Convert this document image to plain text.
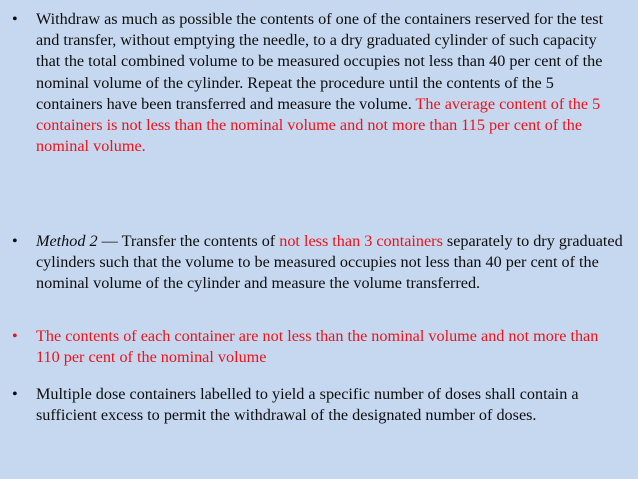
•	Withdraw as much as possible the contents of one of the containers reserved for the test and transfer, without emptying the needle, to a dry graduated cylinder of such capacity that the total combined volume to be measured occupies not less than 40 per cent of the nominal volume of the cylinder. Repeat the procedure until the contents of the 5 containers have been transferred and measure the volume. The average content of the 5 containers is not less than the nominal volume and not more than 115 per cent of the nominal volume.
•	Method 2 — Transfer the contents of not less than 3 containers separately to dry graduated cylinders such that the volume to be measured occupies not less than 40 per cent of the nominal volume of the cylinder and measure the volume transferred.
•	The contents of each container are not less than the nominal volume and not more than 110 per cent of the nominal volume
•	Multiple dose containers labelled to yield a specific number of doses shall contain a sufficient excess to permit the withdrawal of the designated number of doses.
